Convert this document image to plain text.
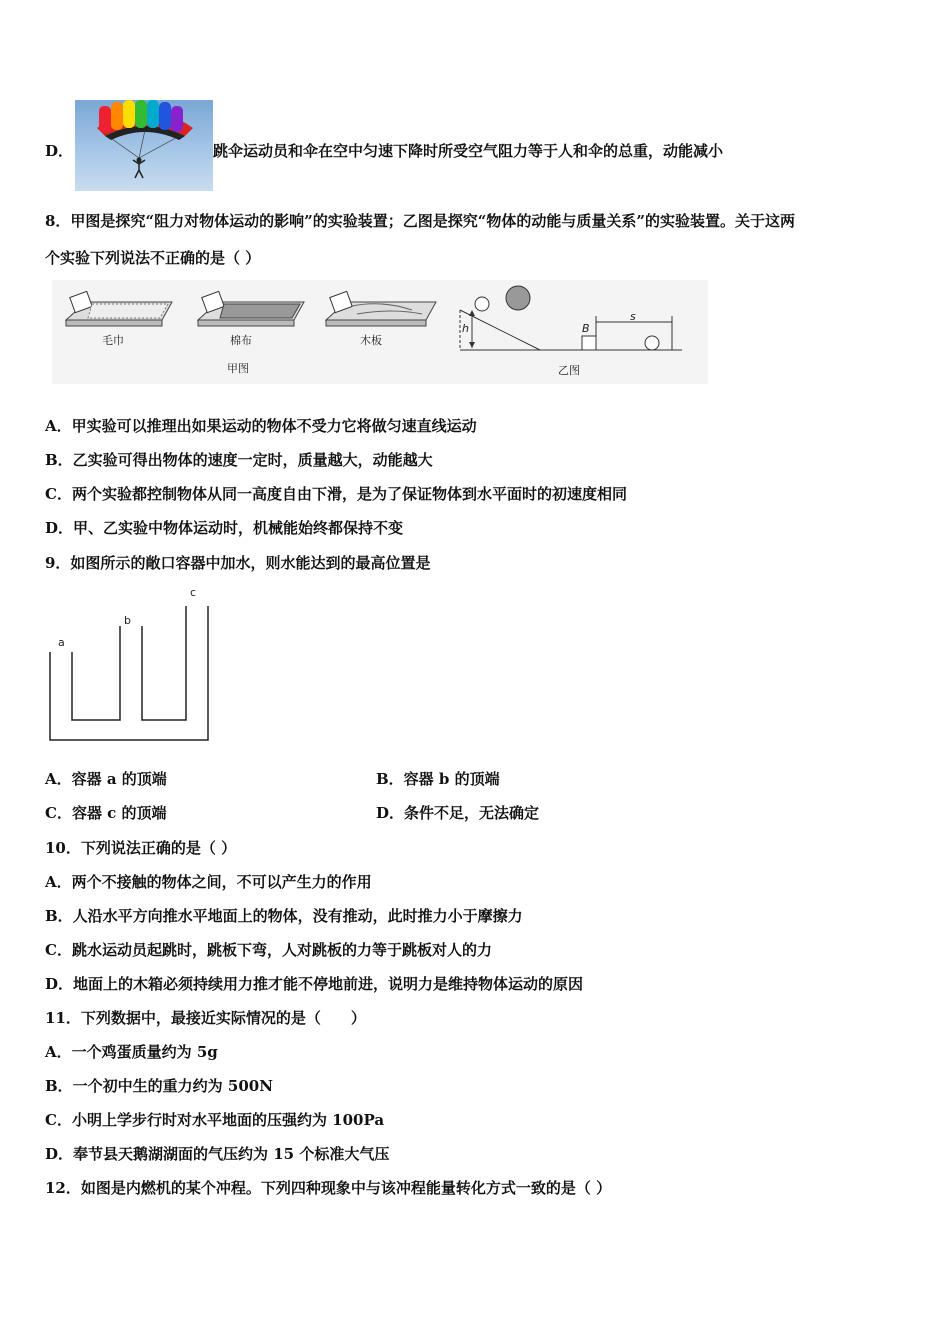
D．	跳伞运动员和伞在空中匀速下降时所受空气阻力等于人和伞的总重，动能减小
8．甲图是探究“阻力对物体运动的影响”的实验装置；乙图是探究“物体的动能与质量关系”的实验装置。关于这两
个实验下列说法不正确的是（ ）
毛巾	棉布	木板
甲图
h	B
s
乙图
A．甲实验可以推理出如果运动的物体不受力它将做匀速直线运动
B．乙实验可得出物体的速度一定时，质量越大，动能越大
C．两个实验都控制物体从同一高度自由下滑，是为了保证物体到水平面时的初速度相同
D．甲、乙实验中物体运动时，机械能始终都保持不变
9．如图所示的敞口容器中加水，则水能达到的最高位置是
a
b
c
A．容器 a 的顶端	B．容器 b 的顶端
C．容器 c 的顶端	D．条件不足，无法确定
10．下列说法正确的是（ ）
A．两个不接触的物体之间，不可以产生力的作用
B．人沿水平方向推水平地面上的物体，没有推动，此时推力小于摩擦力
C．跳水运动员起跳时，跳板下弯，人对跳板的力等于跳板对人的力
D．地面上的木箱必须持续用力推才能不停地前进，说明力是维持物体运动的原因
11．下列数据中，最接近实际情况的是（　　）
A．一个鸡蛋质量约为 5g
B．一个初中生的重力约为 500N
C．小明上学步行时对水平地面的压强约为 100Pa
D．奉节县天鹅湖湖面的气压约为 15 个标准大气压
12．如图是内燃机的某个冲程。下列四种现象中与该冲程能量转化方式一致的是（ ）
